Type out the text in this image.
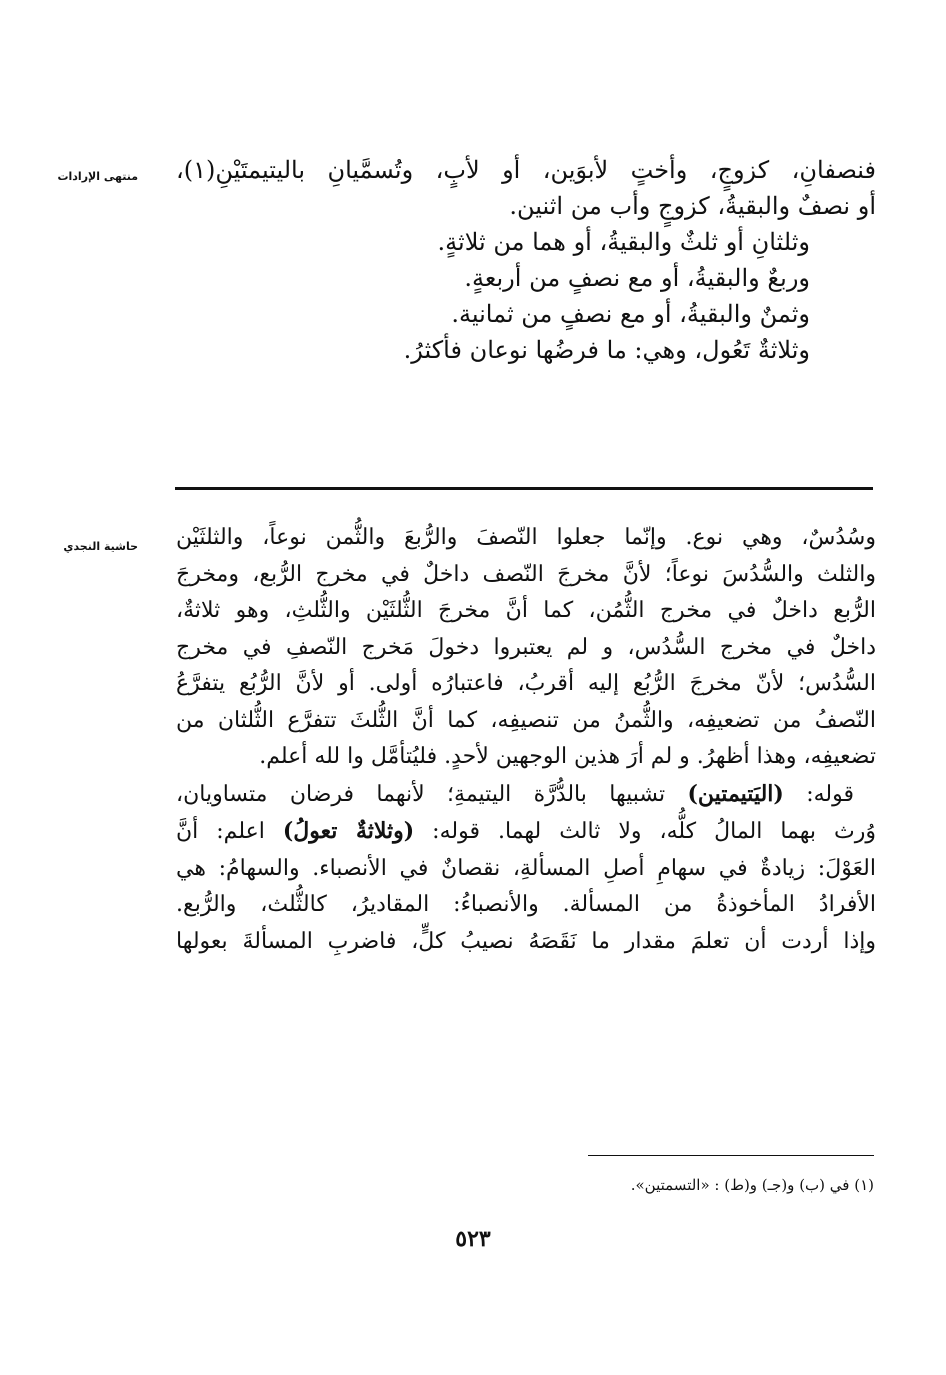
منتهى الإرادات فنصفانِ، كزوجٍ، وأختٍ لأبوَين، أو لأبٍ، وتُسمَّيانِ باليتيمتَيْنِ(١)،
أو نصفٌ والبقيةُ، كزوجٍ وأب من اثنين.
وثلثانِ أو ثلثٌ والبقيةُ، أو هما من ثلاثةٍ.
وربعٌ والبقيةُ، أو مع نصفٍ من أربعةٍ.
وثمنٌ والبقيةُ، أو مع نصفٍ من ثمانية.
وثلاثةٌ تَعُول، وهي: ما فرضُها نوعان فأكثرُ.
حاشية النجدي وسُدُسٌ، وهي نوع. وإنّما جعلوا النّصفَ والرُّبعَ والثُّمن نوعاً، والثلثَيْن
والثلث والسُّدُسَ نوعاً؛ لأنَّ مخرجَ النّصف داخلٌ في مخرج الرُّبع، ومخرجَ
الرُّبع داخلٌ في مخرج الثُّمُن، كما أنَّ مخرجَ الثُّلثَيْن والثُّلثِ، وهو ثلاثةٌ،
داخلٌ في مخرج السُّدُس، و لم يعتبروا دخولَ مَخرج النّصفِ في مخرج
السُّدُس؛ لأنّ مخرجَ الرُّبُع إليه أقربُ، فاعتبارُه أولى. أو لأنَّ الرُّبُع يتفرَّعُ
النّصفُ من تضعيفِه، والثُّمنُ من تنصيفِه، كما أنَّ الثُّلثَ تتفرَّع الثُّلثان من
تضعيفِه، وهذا أظهرُ. و لم أرَ هذين الوجهين لأحدٍ. فليُتأمَّل وا لله أعلم.
قوله: (اليَتيمتين) تشبيها بالدُّرَّة اليتيمةِ؛ لأنهما فرضان متساويان،
وُرث بهما المالُ كلُّه، ولا ثالث لهما. قوله: (وثلاثةٌ تعولُ) اعلم: أنَّ
العَوْلَ: زيادةٌ في سهامِ أصلِ المسألةِ، نقصانٌ في الأنصباء. والسهامُ: هي
الأفرادُ المأخوذةُ من المسألة. والأنصباءُ: المقاديرُ، كالثُّلث، والرُّبع.
وإذا أردت أن تعلمَ مقدار ما نَقَصَهُ نصيبُ كلٍّ، فاضربِ المسألةَ بعولها
(١) في (ب) و(جـ) و(ط) : «التسمتين».
٥٢٣
